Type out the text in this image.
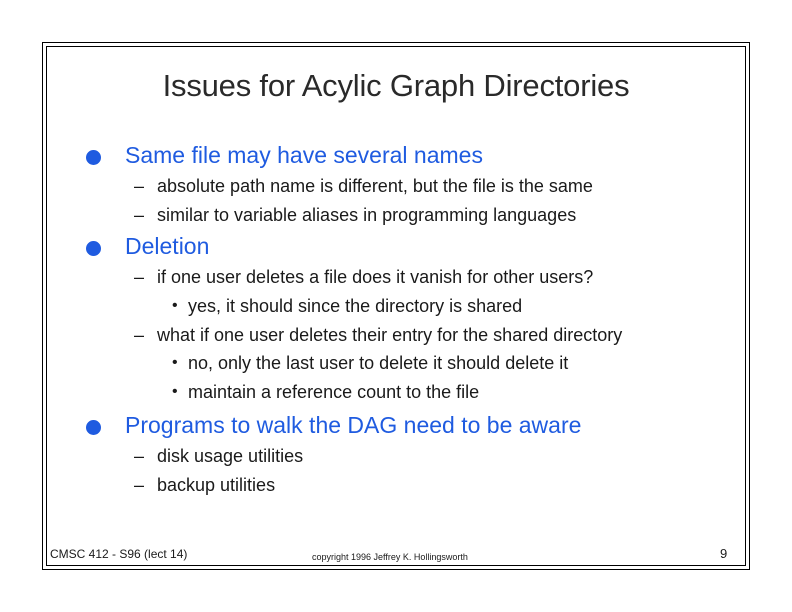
Issues for Acylic Graph Directories
Same file may have several names
– absolute path name is different, but the file is the same
– similar to variable aliases in programming languages
Deletion
– if one user deletes a file does it vanish for other users?
• yes, it should since the directory is shared
– what if one user deletes their entry for the shared directory
• no, only the last user to delete it should delete it
• maintain a reference count to the file
Programs to walk the DAG need to be aware
– disk usage utilities
– backup utilities
CMSC 412 - S96 (lect 14)	copyright 1996 Jeffrey K. Hollingsworth	9
